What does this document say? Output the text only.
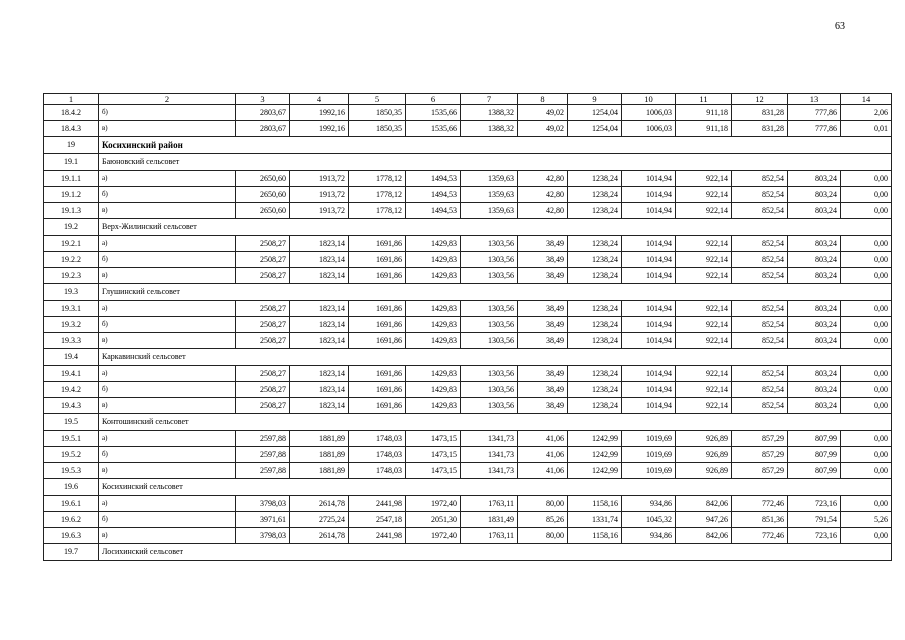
63
1	2	3	4	5	6	7	8	9	10	11	12	13	14
18.4.2	б)	2803,67	1992,16	1850,35	1535,66	1388,32	49,02	1254,04	1006,03	911,18	831,28	777,86	2,06
18.4.3	в)	2803,67	1992,16	1850,35	1535,66	1388,32	49,02	1254,04	1006,03	911,18	831,28	777,86	0,01
19	Косихинский район												
19.1	Баюновский сельсовет												
19.1.1	а)	2650,60	1913,72	1778,12	1494,53	1359,63	42,80	1238,24	1014,94	922,14	852,54	803,24	0,00
19.1.2	б)	2650,60	1913,72	1778,12	1494,53	1359,63	42,80	1238,24	1014,94	922,14	852,54	803,24	0,00
19.1.3	в)	2650,60	1913,72	1778,12	1494,53	1359,63	42,80	1238,24	1014,94	922,14	852,54	803,24	0,00
19.2	Верх-Жилинский сельсовет												
19.2.1	а)	2508,27	1823,14	1691,86	1429,83	1303,56	38,49	1238,24	1014,94	922,14	852,54	803,24	0,00
19.2.2	б)	2508,27	1823,14	1691,86	1429,83	1303,56	38,49	1238,24	1014,94	922,14	852,54	803,24	0,00
19.2.3	в)	2508,27	1823,14	1691,86	1429,83	1303,56	38,49	1238,24	1014,94	922,14	852,54	803,24	0,00
19.3	Глушинский сельсовет												
19.3.1	а)	2508,27	1823,14	1691,86	1429,83	1303,56	38,49	1238,24	1014,94	922,14	852,54	803,24	0,00
19.3.2	б)	2508,27	1823,14	1691,86	1429,83	1303,56	38,49	1238,24	1014,94	922,14	852,54	803,24	0,00
19.3.3	в)	2508,27	1823,14	1691,86	1429,83	1303,56	38,49	1238,24	1014,94	922,14	852,54	803,24	0,00
19.4	Каркавинский сельсовет												
19.4.1	а)	2508,27	1823,14	1691,86	1429,83	1303,56	38,49	1238,24	1014,94	922,14	852,54	803,24	0,00
19.4.2	б)	2508,27	1823,14	1691,86	1429,83	1303,56	38,49	1238,24	1014,94	922,14	852,54	803,24	0,00
19.4.3	в)	2508,27	1823,14	1691,86	1429,83	1303,56	38,49	1238,24	1014,94	922,14	852,54	803,24	0,00
19.5	Контошинский сельсовет												
19.5.1	а)	2597,88	1881,89	1748,03	1473,15	1341,73	41,06	1242,99	1019,69	926,89	857,29	807,99	0,00
19.5.2	б)	2597,88	1881,89	1748,03	1473,15	1341,73	41,06	1242,99	1019,69	926,89	857,29	807,99	0,00
19.5.3	в)	2597,88	1881,89	1748,03	1473,15	1341,73	41,06	1242,99	1019,69	926,89	857,29	807,99	0,00
19.6	Косихинский сельсовет												
19.6.1	а)	3798,03	2614,78	2441,98	1972,40	1763,11	80,00	1158,16	934,86	842,06	772,46	723,16	0,00
19.6.2	б)	3971,61	2725,24	2547,18	2051,30	1831,49	85,26	1331,74	1045,32	947,26	851,36	791,54	5,26
19.6.3	в)	3798,03	2614,78	2441,98	1972,40	1763,11	80,00	1158,16	934,86	842,06	772,46	723,16	0,00
19.7	Лосихинский сельсовет												
